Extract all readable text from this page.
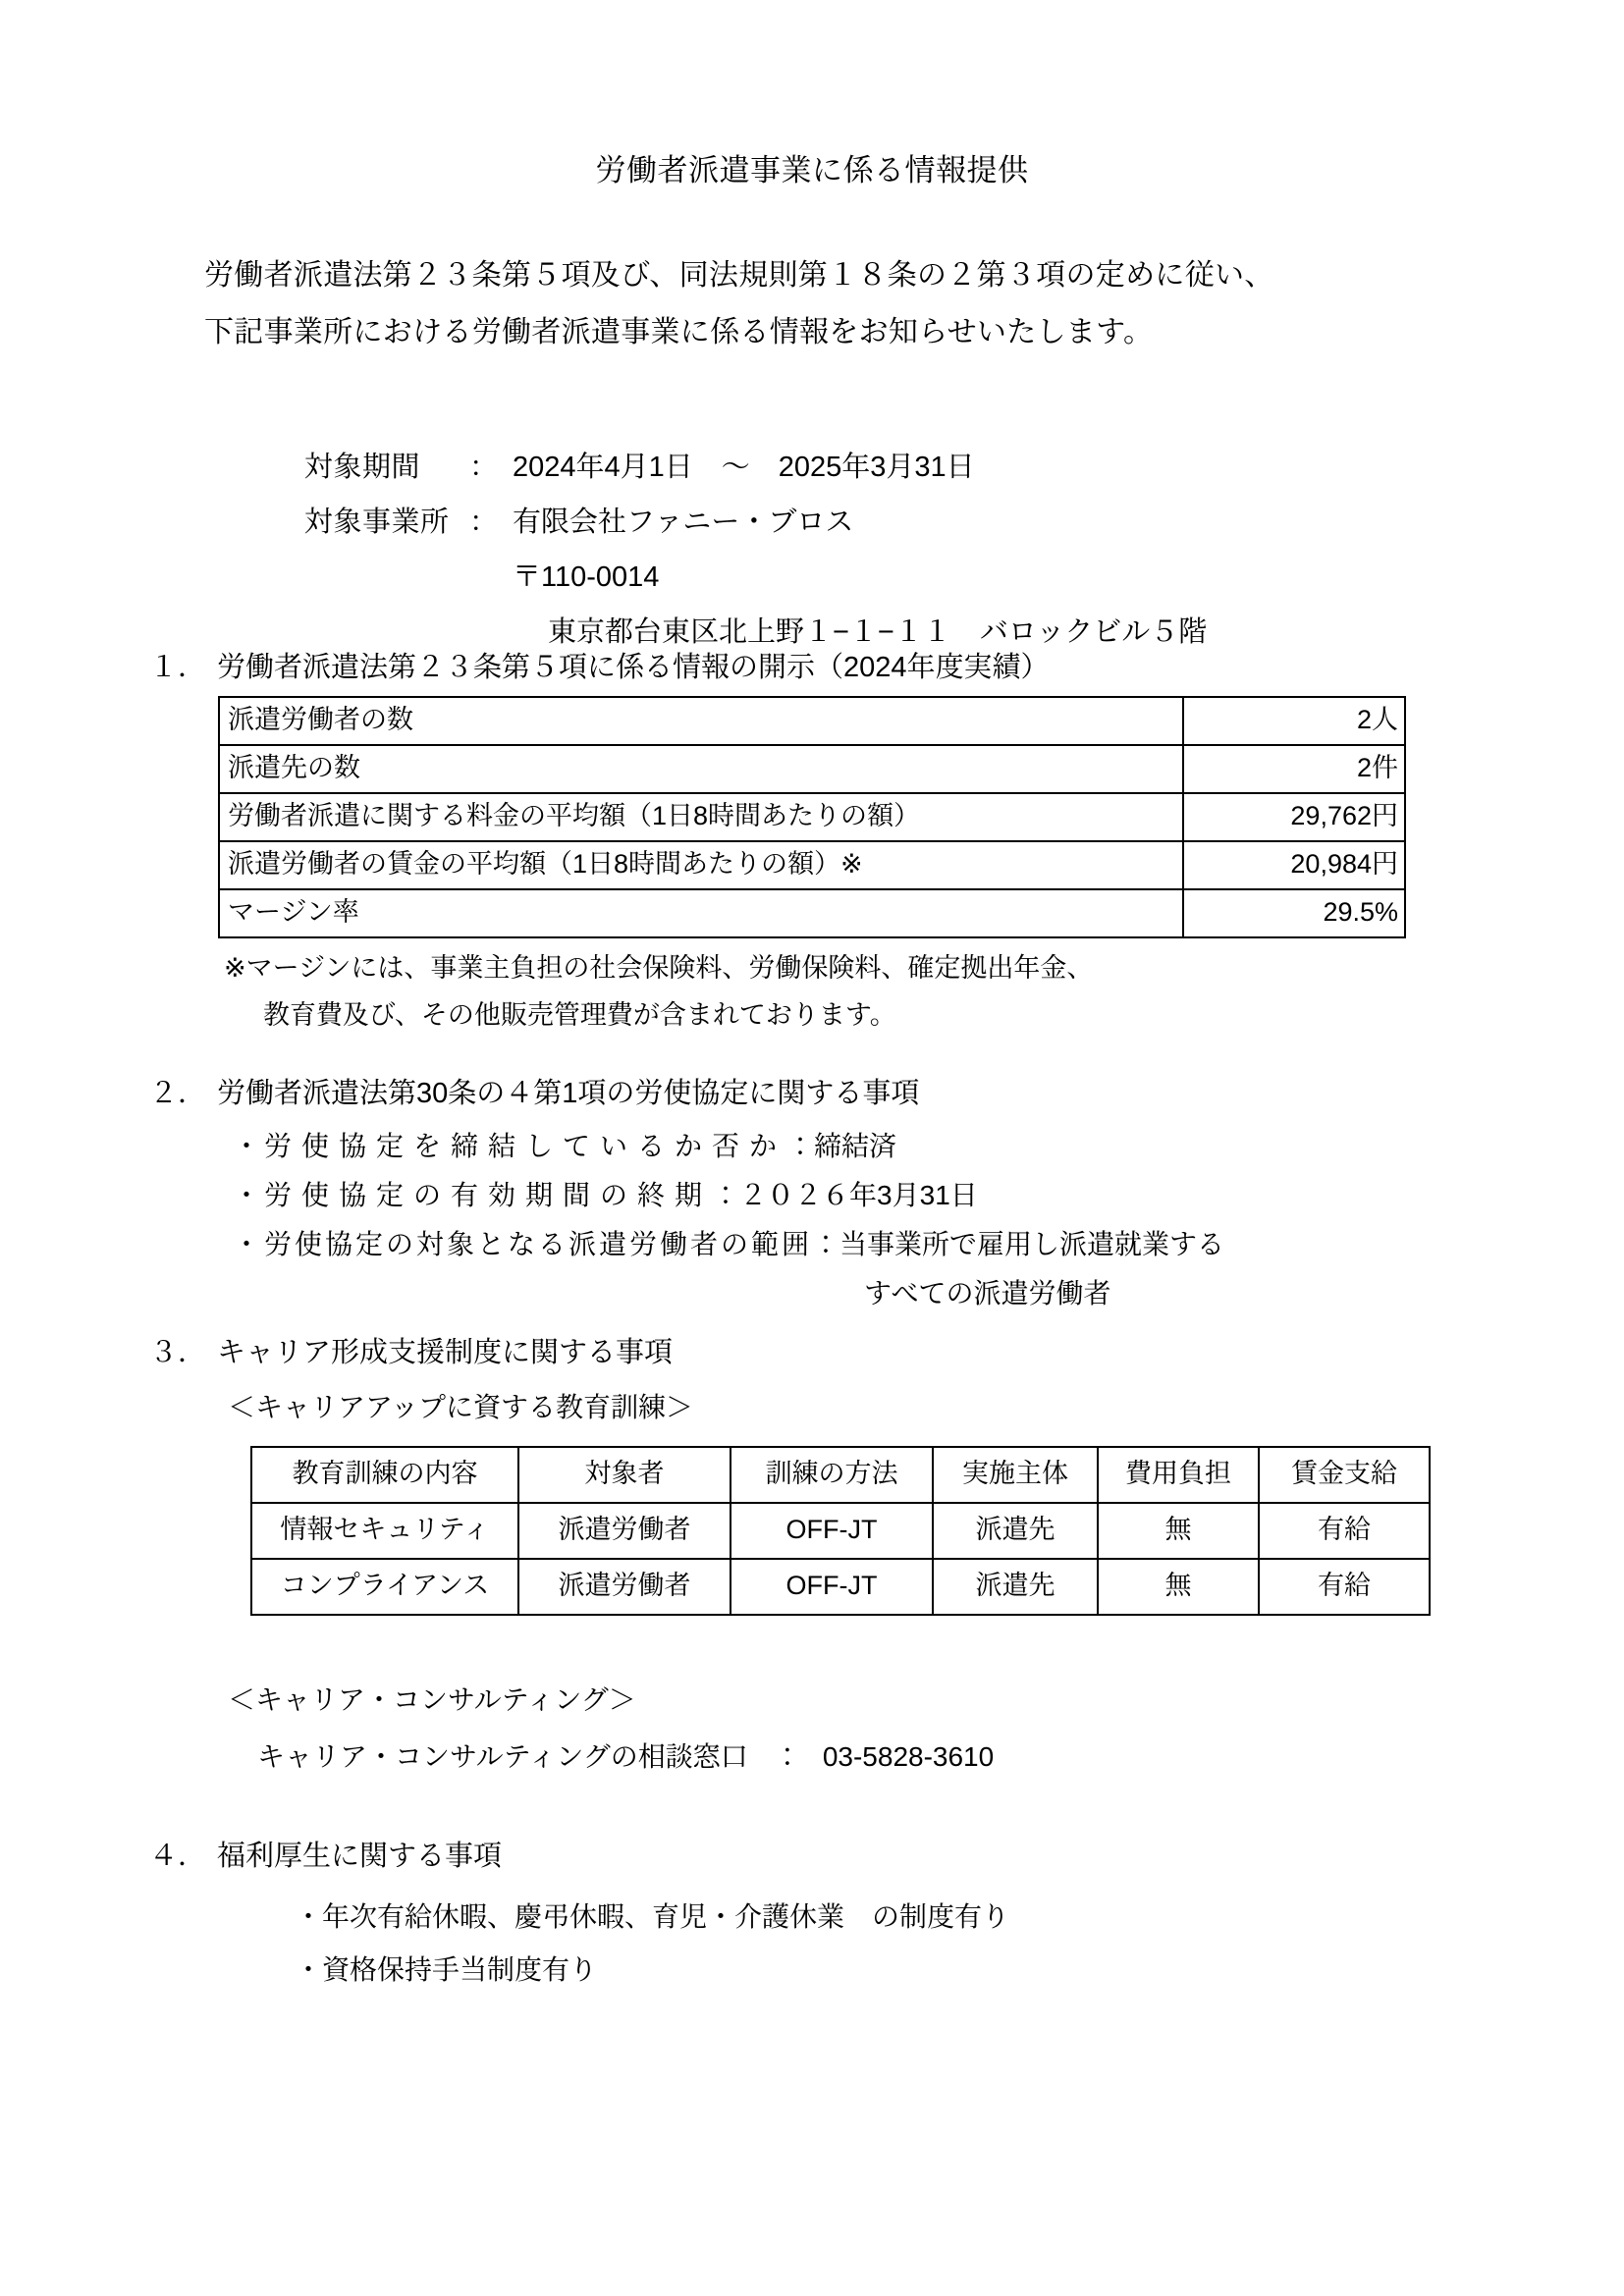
労働者派遣事業に係る情報提供
労働者派遣法第２３条第５項及び、同法規則第１８条の２第３項の定めに従い、
下記事業所における労働者派遣事業に係る情報をお知らせいたします。
対象期間	： 2024年4月1日　～　2025年3月31日
対象事業所 ： 有限会社ファニー・ブロス
〒110-0014
東京都台東区北上野１−１−１１　バロックビル５階
１． 労働者派遣法第２３条第５項に係る情報の開示（2024年度実績）
派遣労働者の数	2人
派遣先の数	2件
労働者派遣に関する料金の平均額（1日8時間あたりの額）	29,762円
派遣労働者の賃金の平均額（1日8時間あたりの額）※	20,984円
マージン率	29.5%
※マージンには、事業主負担の社会保険料、労働保険料、確定拠出年金、
教育費及び、その他販売管理費が含まれております。
２． 労働者派遣法第30条の４第1項の労使協定に関する事項
・ 労使協定を締結しているか否か：締結済
・ 労使協定の有効期間の終期：２０２６年3月31日
・ 労使協定の対象となる派遣労働者の範囲：当事業所で雇用し派遣就業する
すべての派遣労働者
３． キャリア形成支援制度に関する事項
＜キャリアアップに資する教育訓練＞
教育訓練の内容	対象者	訓練の方法	実施主体	費用負担	賃金支給
情報セキュリティ	派遣労働者	OFF-JT	派遣先	無	有給
コンプライアンス	派遣労働者	OFF-JT	派遣先	無	有給
＜キャリア・コンサルティング＞
キャリア・コンサルティングの相談窓口 ： 03-5828-3610
４． 福利厚生に関する事項
・年次有給休暇、慶弔休暇、育児・介護休業　の制度有り
・資格保持手当制度有り
